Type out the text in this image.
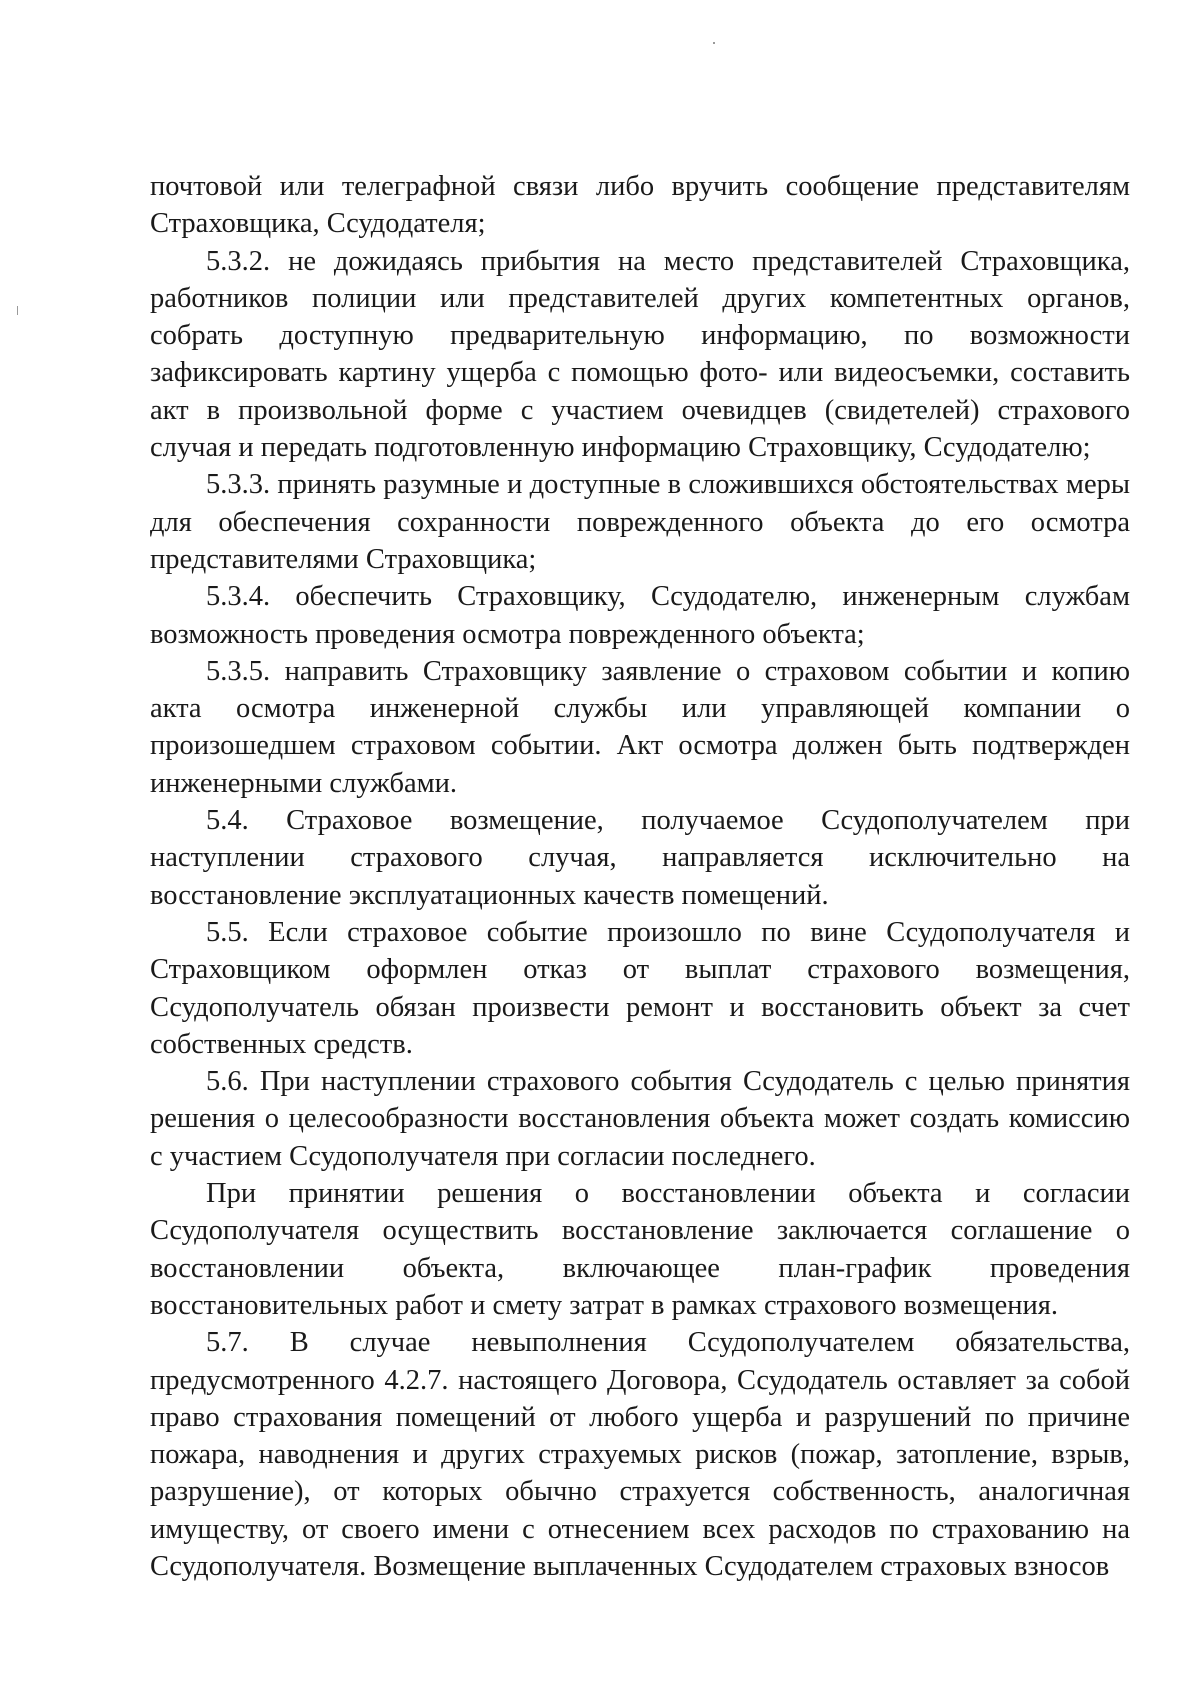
почтовой или телеграфной связи либо вручить сообщение представителям Страховщика, Ссудодателя;

5.3.2. не дожидаясь прибытия на место представителей Страховщика, работников полиции или представителей других компетентных органов, собрать доступную предварительную информацию, по возможности зафиксировать картину ущерба с помощью фото- или видеосъемки, составить акт в произвольной форме с участием очевидцев (свидетелей) страхового случая и передать подготовленную информацию Страховщику, Ссудодателю;

5.3.3. принять разумные и доступные в сложившихся обстоятельствах меры для обеспечения сохранности поврежденного объекта до его осмотра представителями Страховщика;

5.3.4. обеспечить Страховщику, Ссудодателю, инженерным службам возможность проведения осмотра поврежденного объекта;

5.3.5. направить Страховщику заявление о страховом событии и копию акта осмотра инженерной службы или управляющей компании о произошедшем страховом событии. Акт осмотра должен быть подтвержден инженерными службами.

5.4. Страховое возмещение, получаемое Ссудополучателем при наступлении страхового случая, направляется исключительно на восстановление эксплуатационных качеств помещений.

5.5. Если страховое событие произошло по вине Ссудополучателя и Страховщиком оформлен отказ от выплат страхового возмещения, Ссудополучатель обязан произвести ремонт и восстановить объект за счет собственных средств.

5.6. При наступлении страхового события Ссудодатель с целью принятия решения о целесообразности восстановления объекта может создать комиссию с участием Ссудополучателя при согласии последнего.

При принятии решения о восстановлении объекта и согласии Ссудополучателя осуществить восстановление заключается соглашение о восстановлении объекта, включающее план-график проведения восстановительных работ и смету затрат в рамках страхового возмещения.

5.7. В случае невыполнения Ссудополучателем обязательства, предусмотренного 4.2.7. настоящего Договора, Ссудодатель оставляет за собой право страхования помещений от любого ущерба и разрушений по причине пожара, наводнения и других страхуемых рисков (пожар, затопление, взрыв, разрушение), от которых обычно страхуется собственность, аналогичная имуществу, от своего имени с отнесением всех расходов по страхованию на Ссудополучателя. Возмещение выплаченных Ссудодателем страховых взносов
